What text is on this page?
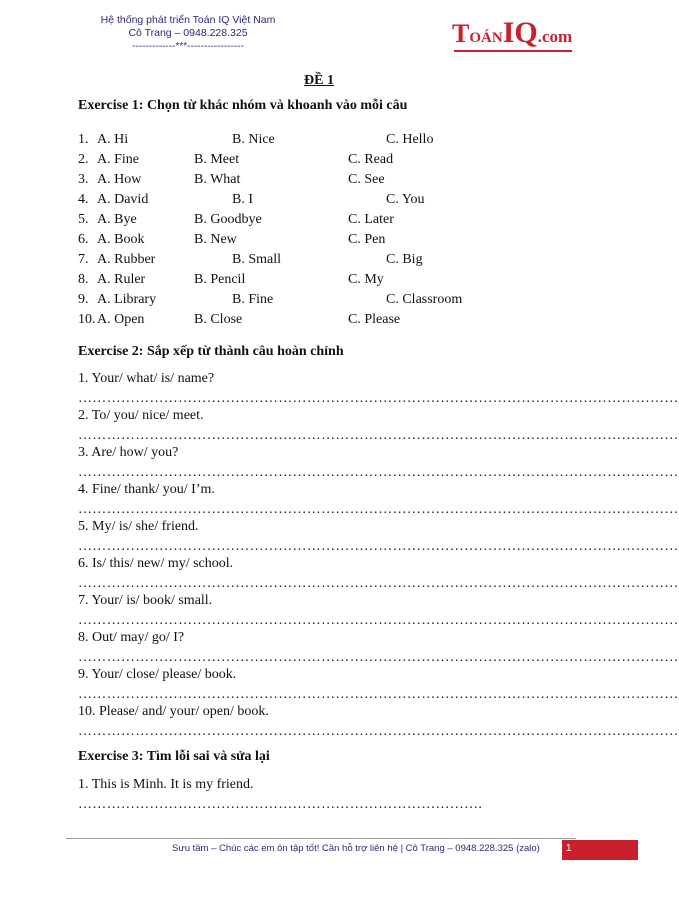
Hệ thống phát triển Toán IQ Việt Nam
Cô Trang – 0948.228.325
-------------***-----------------	TOÁNIQ.com
ĐỀ 1
Exercise 1: Chọn từ khác nhóm và khoanh vào mỗi câu
1. A. Hi	B. Nice	C. Hello
2. A. Fine	B. Meet	C. Read
3. A. How	B. What	C. See
4. A. David	B. I	C. You
5. A. Bye	B. Goodbye	C. Later
6. A. Book	B. New	C. Pen
7. A. Rubber	B. Small	C. Big
8. A. Ruler	B. Pencil	C. My
9. A. Library	B. Fine	C. Classroom
10. A. Open	B. Close	C. Please
Exercise 2: Sắp xếp từ thành câu hoàn chỉnh
1. Your/ what/ is/ name?
………………………………………………………………………………………………………………
2. To/ you/ nice/ meet.
………………………………………………………………………………………………………………
3. Are/ how/ you?
………………………………………………………………………………………………………………
4. Fine/ thank/ you/ I’m.
………………………………………………………………………………………………………………
5. My/ is/ she/ friend.
………………………………………………………………………………………………………………
6. Is/ this/ new/ my/ school.
………………………………………………………………………………………………………………
7. Your/ is/ book/ small.
………………………………………………………………………………………………………………
8. Out/ may/ go/ I?
………………………………………………………………………………………………………………
9. Your/ close/ please/ book.
………………………………………………………………………………………………………………
10. Please/ and/ your/ open/ book.
………………………………………………………………………………………………………………
Exercise 3: Tìm lỗi sai và sửa lại
1. This is Minh. It is my friend.
………………………………………………………………………….
Sưu tầm – Chúc các em ôn tập tốt! Cần hỗ trợ liên hệ | Cô Trang – 0948.228.325 (zalo)	1
